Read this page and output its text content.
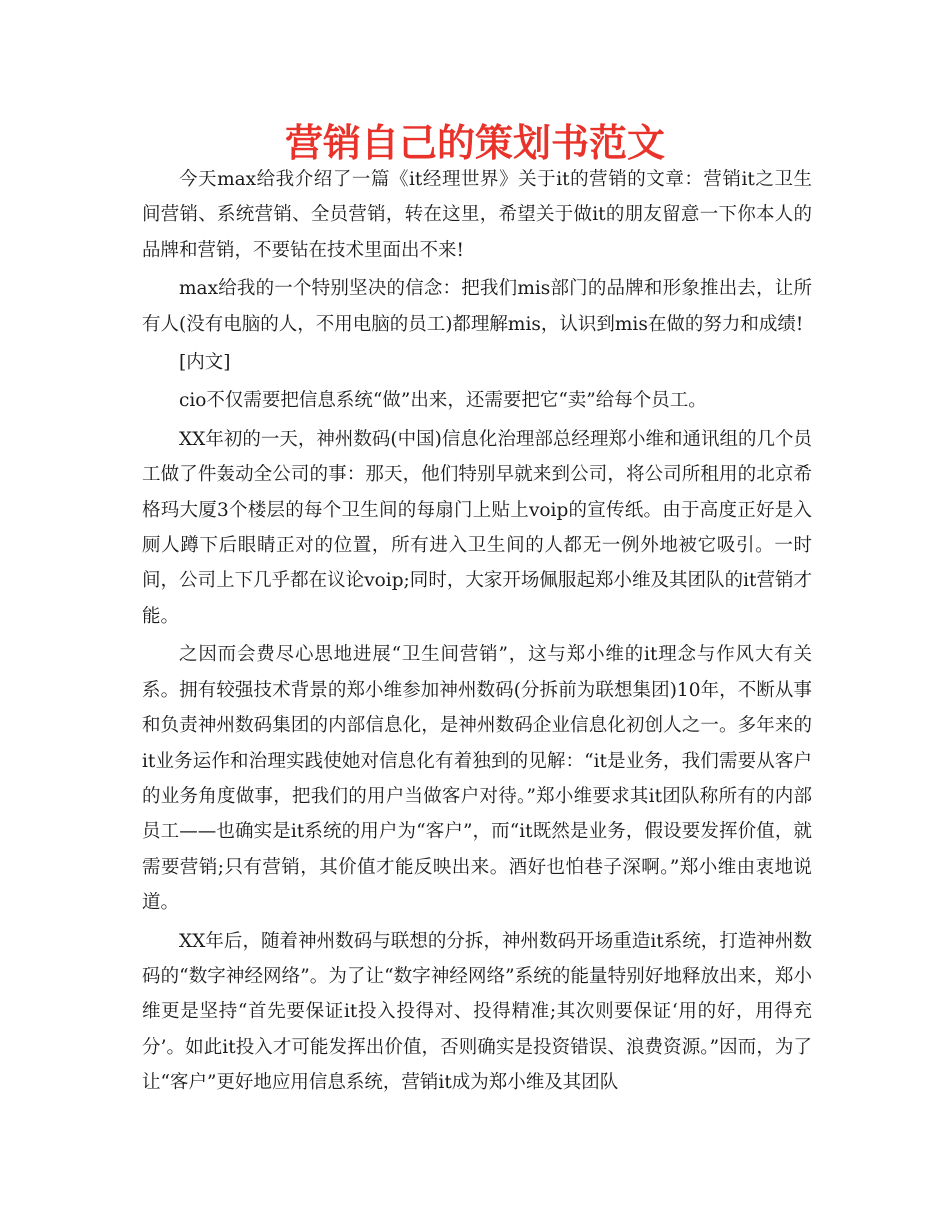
营销自己的策划书范文

今天max给我介绍了一篇《it经理世界》关于it的营销的文章：营销it之卫生间营销、系统营销、全员营销，转在这里，希望关于做it的朋友留意一下你本人的品牌和营销，不要钻在技术里面出不来!

max给我的一个特别坚决的信念：把我们mis部门的品牌和形象推出去，让所有人(没有电脑的人，不用电脑的员工)都理解mis，认识到mis在做的努力和成绩!

[内文]

cio不仅需要把信息系统“做”出来，还需要把它“卖”给每个员工。

XX年初的一天，神州数码(中国)信息化治理部总经理郑小维和通讯组的几个员工做了件轰动全公司的事：那天，他们特别早就来到公司，将公司所租用的北京希格玛大厦3个楼层的每个卫生间的每扇门上贴上voip的宣传纸。由于高度正好是入厕人蹲下后眼睛正对的位置，所有进入卫生间的人都无一例外地被它吸引。一时间，公司上下几乎都在议论voip;同时，大家开场佩服起郑小维及其团队的it营销才能。

之因而会费尽心思地进展“卫生间营销”，这与郑小维的it理念与作风大有关系。拥有较强技术背景的郑小维参加神州数码(分拆前为联想集团)10年，不断从事和负责神州数码集团的内部信息化，是神州数码企业信息化初创人之一。多年来的it业务运作和治理实践使她对信息化有着独到的见解：“it是业务，我们需要从客户的业务角度做事，把我们的用户当做客户对待。”郑小维要求其it团队称所有的内部员工——也确实是it系统的用户为“客户”，而“it既然是业务，假设要发挥价值，就需要营销;只有营销，其价值才能反映出来。酒好也怕巷子深啊。”郑小维由衷地说道。

XX年后，随着神州数码与联想的分拆，神州数码开场重造it系统，打造神州数码的“数字神经网络”。为了让“数字神经网络”系统的能量特别好地释放出来，郑小维更是坚持“首先要保证it投入投得对、投得精准;其次则要保证‘用的好，用得充分’。如此it投入才可能发挥出价值，否则确实是投资错误、浪费资源。”因而，为了让“客户”更好地应用信息系统，营销it成为郑小维及其团队
